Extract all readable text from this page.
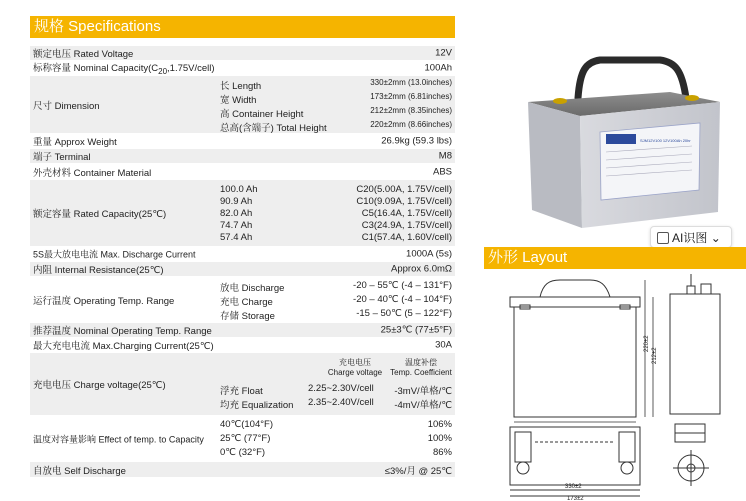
规格 Specifications
额定电压 Rated Voltage	12V
标称容量 Nominal $Capacity(C_{20},1.75V/cell)$	100Ah
尺寸 Dimension
长 Length	330±2mm (13.0inches)
宽 Width	173±2mm (6.81inches)
高 Container Height	212±2mm (8.35inches)
总高(含端子) Total Height	220±2mm (8.66inches)
重量 Approx Weight	26.9kg (59.3 lbs)
端子 Terminal	M8
外壳材料 Container Material	ABS
额定容量 Rated Capacity(25℃)
100.0 Ah	C20(5.00A, 1.75V/cell)
90.9 Ah	C10(9.09A, 1.75V/cell)
82.0 Ah	C5(16.4A, 1.75V/cell)
74.7 Ah	C3(24.9A, 1.75V/cell)
57.4 Ah	C1(57.4A, 1.60V/cell)
5S最大放电电流 Max. Discharge Current	1000A (5s)
内阻 Internal Resistance(25℃)	Approx 6.0mΩ
运行温度 Operating Temp. Range
放电 Discharge	-20 – 55℃ (-4 – 131°F)
充电 Charge	-20 – 40℃ (-4 – 104°F)
存储 Storage	-15 – 50℃ (5 – 122°F)
推荐温度 Nominal Operating Temp. Range	25±3℃ (77±5°F)
最大充电电流 Max.Charging Current(25℃)	30A
充电电压 Charge voltage(25℃)
充电电压
Charge voltage
温度补偿
Temp. Coefficient
浮充 Float	2.25~2.30V/cell -3mV/单格/℃
均充 Equalization 2.35~2.40V/cell -4mV/单格/℃
温度对容量影响 Effect of temp. to Capacity
40℃(104°F)	106%
25℃ (77°F)	100%
0℃ (32°F)	86%
自放电 Self Discharge	≤3%/月 @ 25℃
SJM12V100 12V100Ah 20hr
AI识图 ⌄
外形 Layout
220±2
212±2
330±2
173±2
